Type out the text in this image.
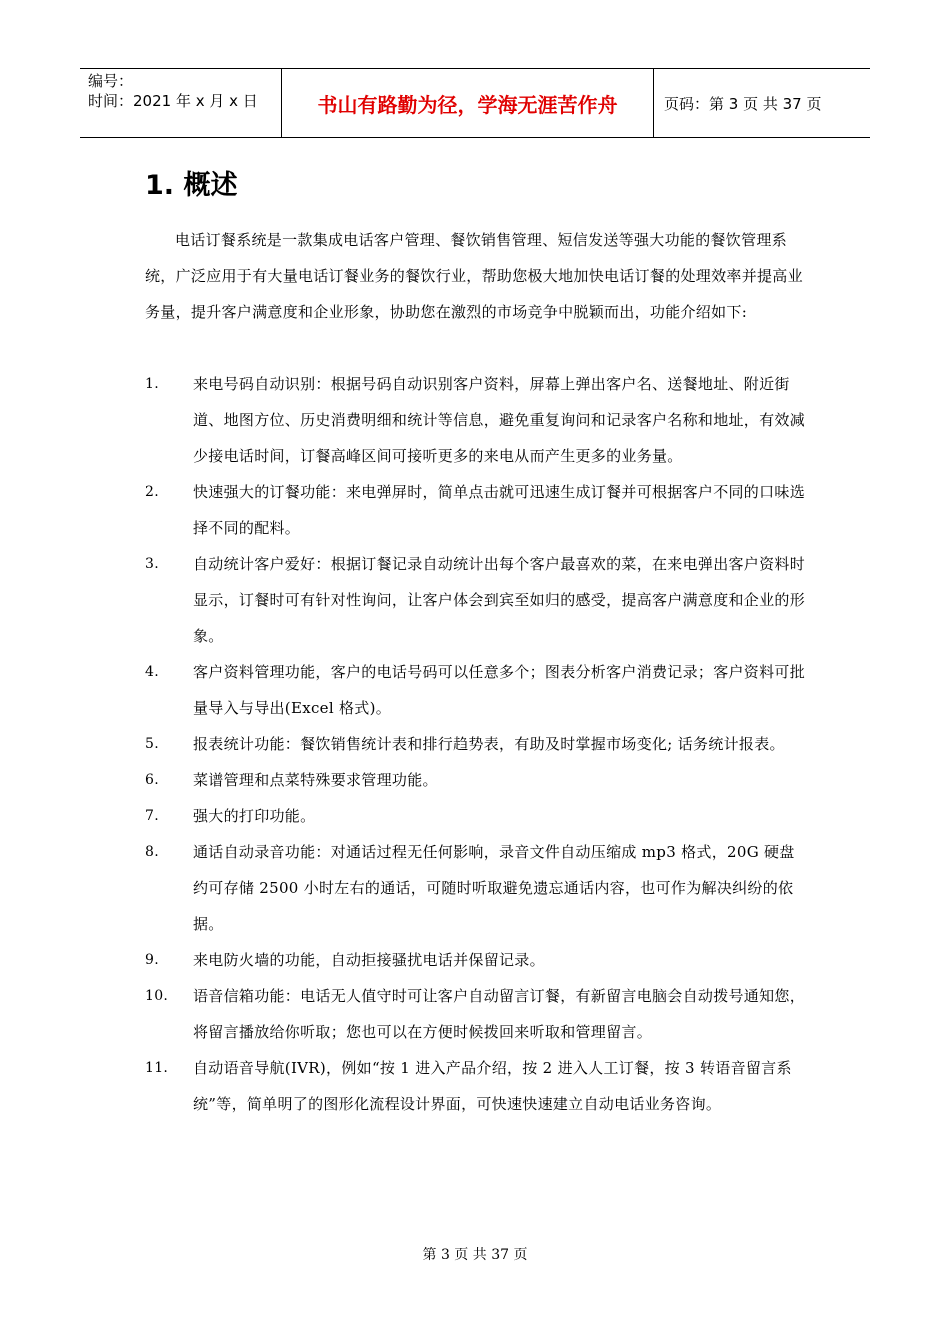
编号：
时间：2021 年 x 月 x 日	书山有路勤为径，学海无涯苦作舟	页码：第 3 页 共 37 页
1. 概述

电话订餐系统是一款集成电话客户管理、餐饮销售管理、短信发送等强大功能的餐饮管理系统，广泛应用于有大量电话订餐业务的餐饮行业，帮助您极大地加快电话订餐的处理效率并提高业务量，提升客户满意度和企业形象，协助您在激烈的市场竞争中脱颖而出，功能介绍如下:

1.	来电号码自动识别：根据号码自动识别客户资料，屏幕上弹出客户名、送餐地址、附近街道、地图方位、历史消费明细和统计等信息，避免重复询问和记录客户名称和地址，有效减少接电话时间，订餐高峰区间可接听更多的来电从而产生更多的业务量。
2.	快速强大的订餐功能：来电弹屏时，简单点击就可迅速生成订餐并可根据客户不同的口味选择不同的配料。
3.	自动统计客户爱好：根据订餐记录自动统计出每个客户最喜欢的菜，在来电弹出客户资料时显示，订餐时可有针对性询问，让客户体会到宾至如归的感受，提高客户满意度和企业的形象。
4.	客户资料管理功能，客户的电话号码可以任意多个；图表分析客户消费记录；客户资料可批量导入与导出(Excel 格式)。
5.	报表统计功能：餐饮销售统计表和排行趋势表，有助及时掌握市场变化; 话务统计报表。
6.	菜谱管理和点菜特殊要求管理功能。
7.	强大的打印功能。
8.	通话自动录音功能：对通话过程无任何影响，录音文件自动压缩成 mp3 格式，20G 硬盘约可存储 2500 小时左右的通话，可随时听取避免遗忘通话内容，也可作为解决纠纷的依据。
9.	来电防火墙的功能，自动拒接骚扰电话并保留记录。
10.	语音信箱功能：电话无人值守时可让客户自动留言订餐，有新留言电脑会自动拨号通知您，将留言播放给你听取；您也可以在方便时候拨回来听取和管理留言。
11.	自动语音导航(IVR)，例如“按 1 进入产品介绍，按 2 进入人工订餐，按 3 转语音留言系统”等，简单明了的图形化流程设计界面，可快速快速建立自动电话业务咨询。
第 3 页 共 37 页
